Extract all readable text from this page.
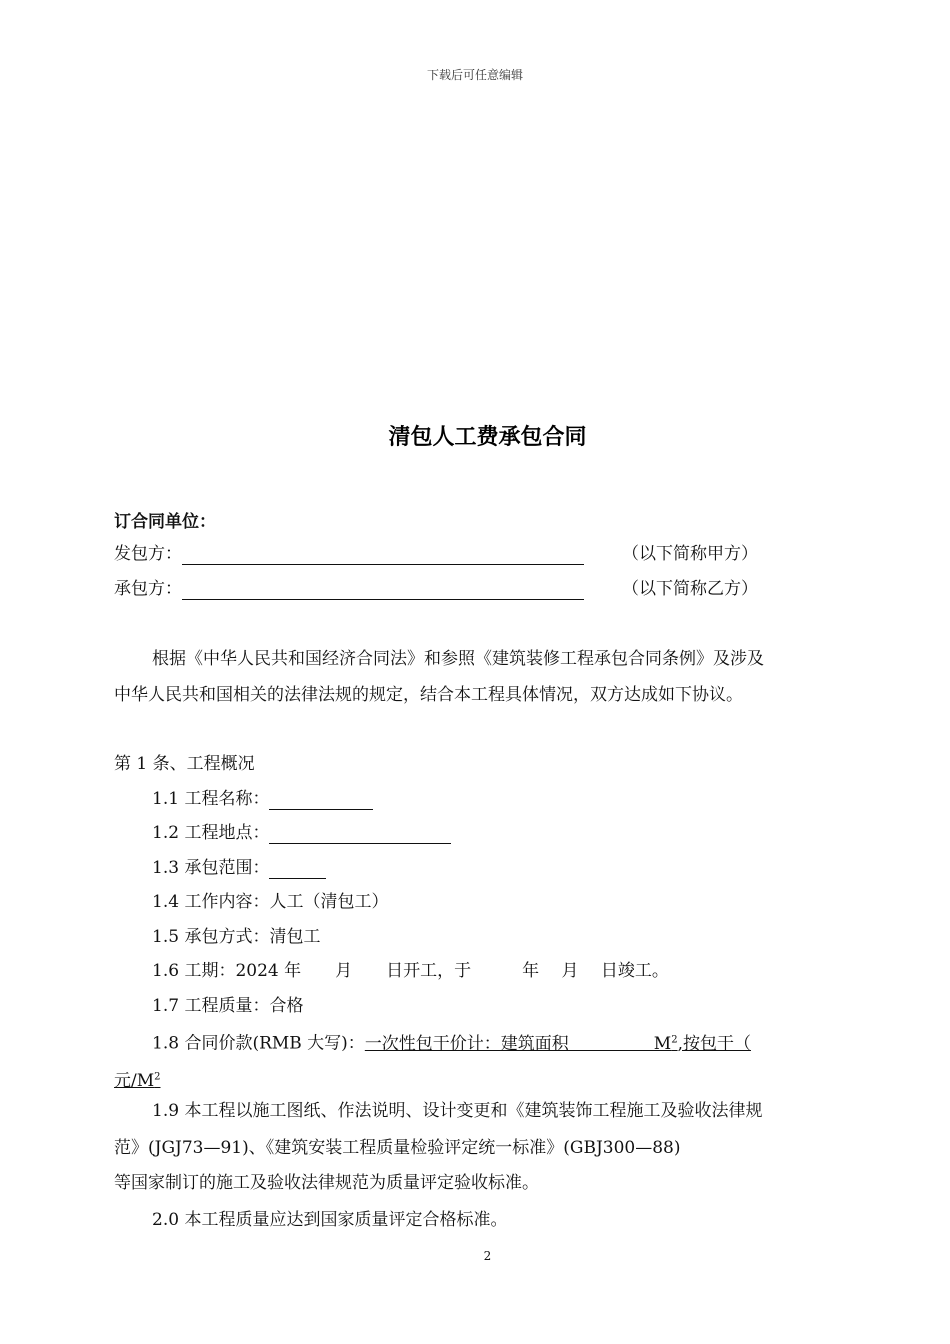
下载后可任意编辑
清包人工费承包合同
订合同单位：
发包方：	（以下简称甲方）
承包方：	（以下简称乙方）
根据《中华人民共和国经济合同法》和参照《建筑装修工程承包合同条例》及涉及
中华人民共和国相关的法律法规的规定，结合本工程具体情况，双方达成如下协议。
第 1 条、工程概况
1.1 工程名称：
1.2 工程地点：
1.3 承包范围：
1.4 工作内容：人工（清包工）
1.5 承包方式：清包工
1.6 工期：2024 年　　月　　日开工，于　　　年　 月　 日竣工。
1.7 工程质量：合格
1.8 合同价款(RMB 大写)：一次性包干价计：建筑面积　　　　　$M^2$,按包干（
元$/M^2$
1.9 本工程以施工图纸、作法说明、设计变更和《建筑装饰工程施工及验收法律规
范》(JGJ73—91)、《建筑安装工程质量检验评定统一标准》(GBJ300—88)
等国家制订的施工及验收法律规范为质量评定验收标准。
2.0 本工程质量应达到国家质量评定合格标准。
2
